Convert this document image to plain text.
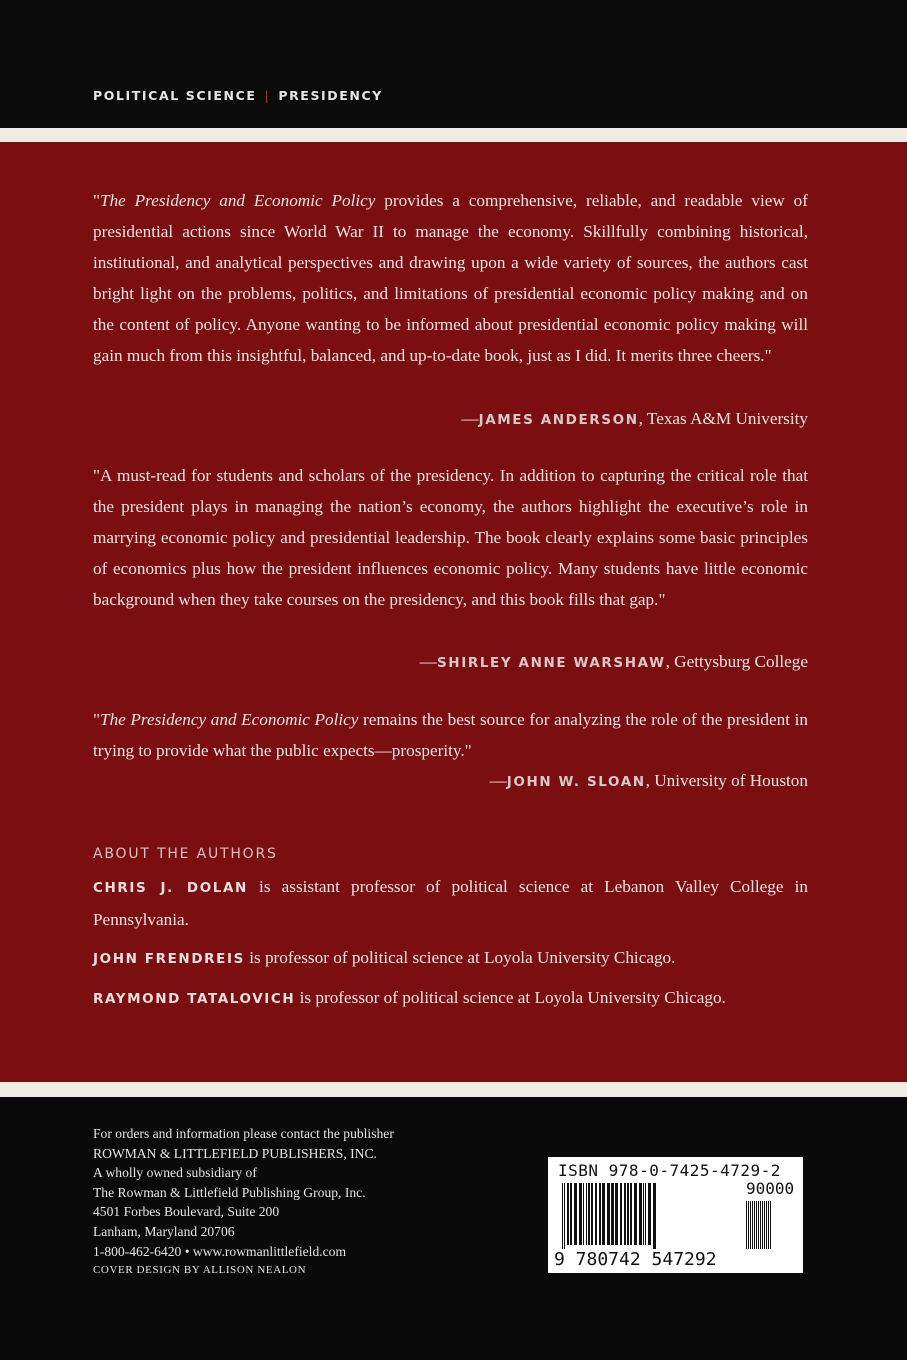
POLITICAL SCIENCE | PRESIDENCY
"The Presidency and Economic Policy provides a comprehensive, reliable, and readable view of presidential actions since World War II to manage the economy. Skillfully combining historical, institutional, and analytical perspectives and drawing upon a wide variety of sources, the authors cast bright light on the problems, politics, and limitations of presidential economic policy making and on the content of policy. Anyone wanting to be informed about presidential economic policy making will gain much from this insightful, balanced, and up-to-date book, just as I did. It merits three cheers."
—JAMES ANDERSON, Texas A&M University
"A must-read for students and scholars of the presidency. In addition to capturing the critical role that the president plays in managing the nation’s economy, the authors highlight the executive’s role in marrying economic policy and presidential leadership. The book clearly explains some basic principles of economics plus how the president influences economic policy. Many students have little economic background when they take courses on the presidency, and this book fills that gap."
—SHIRLEY ANNE WARSHAW, Gettysburg College
"The Presidency and Economic Policy remains the best source for analyzing the role of the president in trying to provide what the public expects—prosperity."
—JOHN W. SLOAN, University of Houston
ABOUT THE AUTHORS
CHRIS J. DOLAN is assistant professor of political science at Lebanon Valley College in Pennsylvania.
JOHN FRENDREIS is professor of political science at Loyola University Chicago.
RAYMOND TATALOVICH is professor of political science at Loyola University Chicago.
For orders and information please contact the publisher
ROWMAN & LITTLEFIELD PUBLISHERS, INC.
A wholly owned subsidiary of
The Rowman & Littlefield Publishing Group, Inc.
4501 Forbes Boulevard, Suite 200
Lanham, Maryland 20706
1-800-462-6420 • www.rowmanlittlefield.com
COVER DESIGN BY ALLISON NEALON
ISBN 978-0-7425-4729-2
90000
9 780742 547292
